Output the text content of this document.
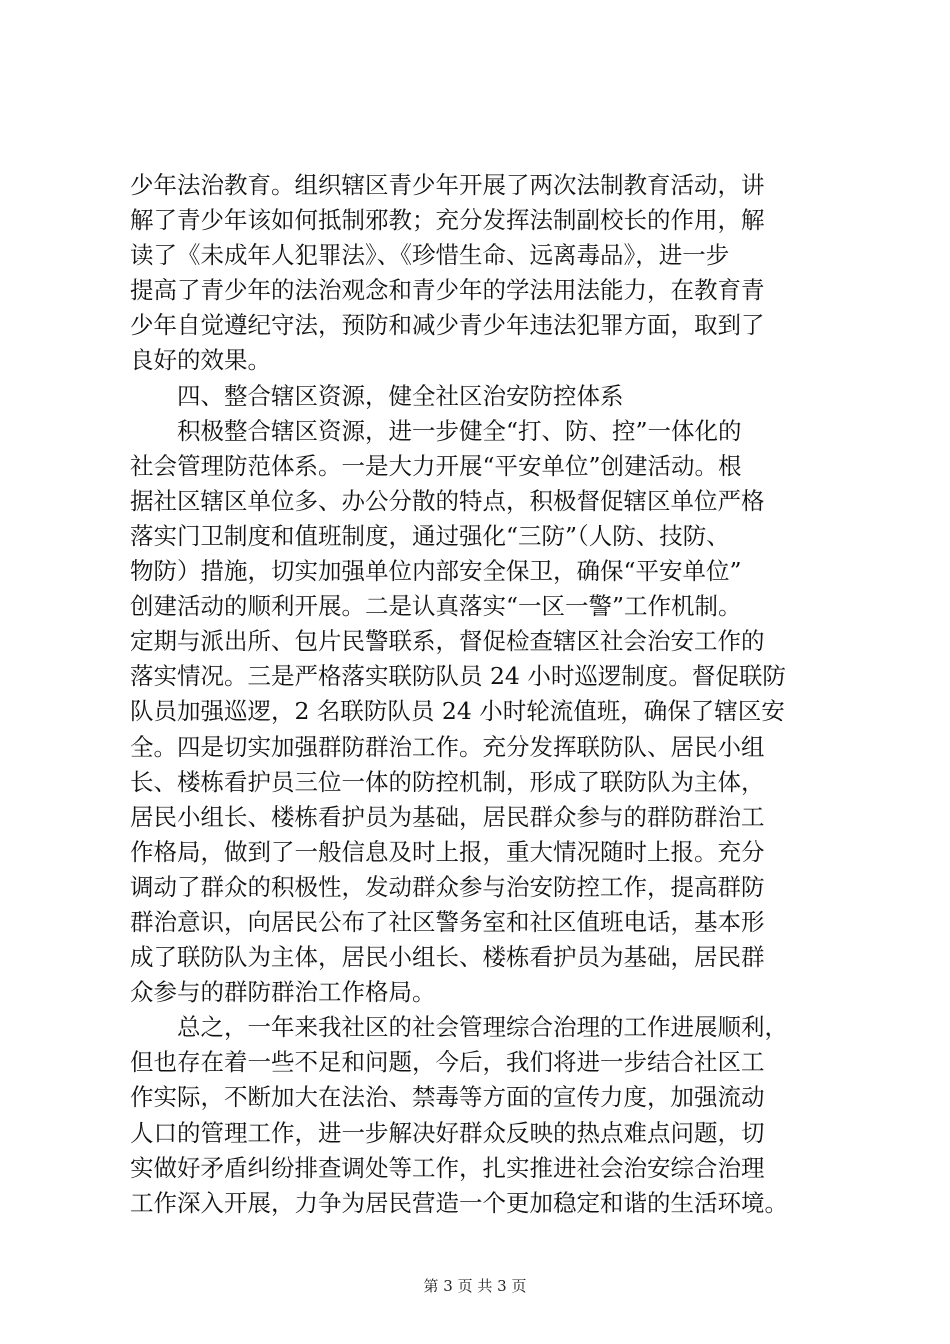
少年法治教育。组织辖区青少年开展了两次法制教育活动，讲
解了青少年该如何抵制邪教；充分发挥法制副校长的作用，解
读了《未成年人犯罪法》、《珍惜生命、远离毒品》，进一步
提高了青少年的法治观念和青少年的学法用法能力，在教育青
少年自觉遵纪守法，预防和减少青少年违法犯罪方面，取到了
良好的效果。
　　四、整合辖区资源，健全社区治安防控体系
　　积极整合辖区资源，进一步健全“打、防、控”一体化的
社会管理防范体系。一是大力开展“平安单位”创建活动。根
据社区辖区单位多、办公分散的特点，积极督促辖区单位严格
落实门卫制度和值班制度，通过强化“三防”（人防、技防、
物防）措施，切实加强单位内部安全保卫，确保“平安单位”
创建活动的顺利开展。二是认真落实“一区一警”工作机制。
定期与派出所、包片民警联系，督促检查辖区社会治安工作的
落实情况。三是严格落实联防队员 24 小时巡逻制度。督促联防
队员加强巡逻，2 名联防队员 24 小时轮流值班，确保了辖区安
全。四是切实加强群防群治工作。充分发挥联防队、居民小组
长、楼栋看护员三位一体的防控机制，形成了联防队为主体，
居民小组长、楼栋看护员为基础，居民群众参与的群防群治工
作格局，做到了一般信息及时上报，重大情况随时上报。充分
调动了群众的积极性，发动群众参与治安防控工作，提高群防
群治意识，向居民公布了社区警务室和社区值班电话，基本形
成了联防队为主体，居民小组长、楼栋看护员为基础，居民群
众参与的群防群治工作格局。
　　总之，一年来我社区的社会管理综合治理的工作进展顺利，
但也存在着一些不足和问题，今后，我们将进一步结合社区工
作实际，不断加大在法治、禁毒等方面的宣传力度，加强流动
人口的管理工作，进一步解决好群众反映的热点难点问题，切
实做好矛盾纠纷排查调处等工作，扎实推进社会治安综合治理
工作深入开展，力争为居民营造一个更加稳定和谐的生活环境。
第 3 页 共 3 页
